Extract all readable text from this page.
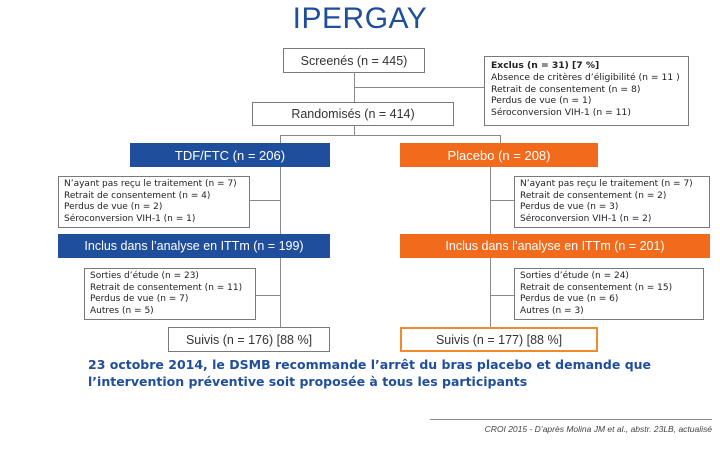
IPERGAY
Screenés (n = 445)
Randomisés (n = 414)
Exclus (n = 31) [7 %]
Absence de critères d’éligibilité (n = 11 )
Retrait de consentement (n = 8)
Perdus de vue (n = 1)
Séroconversion VIH-1 (n = 11)
TDF/FTC (n = 206)	Placebo (n = 208)
N’ayant pas reçu le traitement (n = 7)
Retrait de consentement (n = 4)
Perdus de vue (n = 2)
Séroconversion VIH-1 (n = 1)
N’ayant pas reçu le traitement (n = 7)
Retrait de consentement (n = 2)
Perdus de vue (n = 3)
Séroconversion VIH-1 (n = 2)
Inclus dans l’analyse en ITTm (n = 199)	Inclus dans l’analyse en ITTm (n = 201)
Sorties d’étude (n = 23)
Retrait de consentement (n = 11)
Perdus de vue (n = 7)
Autres (n = 5)
Sorties d’étude (n = 24)
Retrait de consentement (n = 15)
Perdus de vue (n = 6)
Autres (n = 3)
Suivis (n = 176) [88 %]	Suivis (n = 177) [88 %]
23 octobre 2014, le DSMB recommande l’arrêt du bras placebo et demande que l’intervention préventive soit proposée à tous les participants
CROI 2015 - D’après Molina JM et al., abstr. 23LB, actualisé
